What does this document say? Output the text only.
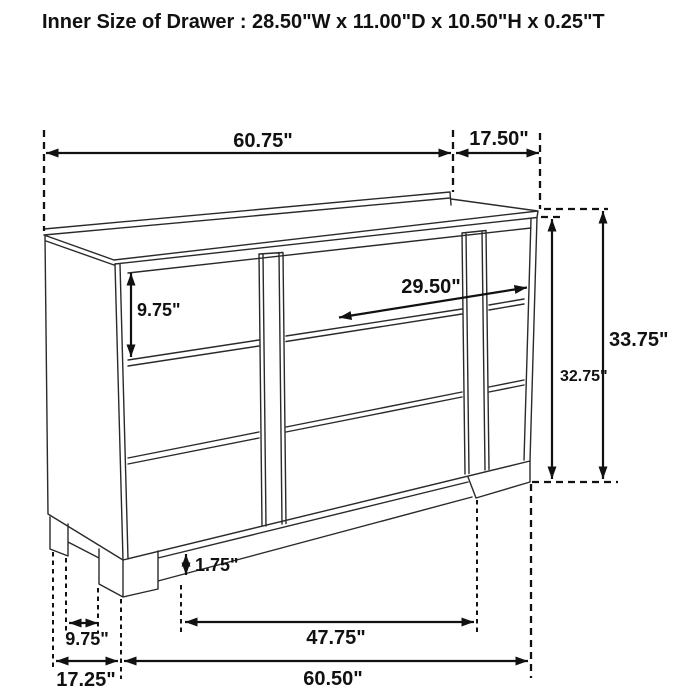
Inner Size of Drawer : 28.50"W x 11.00"D x 10.50"H x 0.25"T
60.75"	17.50"
9.75"
29.50"
33.75"
32.75"
1.75"
9.75"	47.75"
60.50"
17.25"
